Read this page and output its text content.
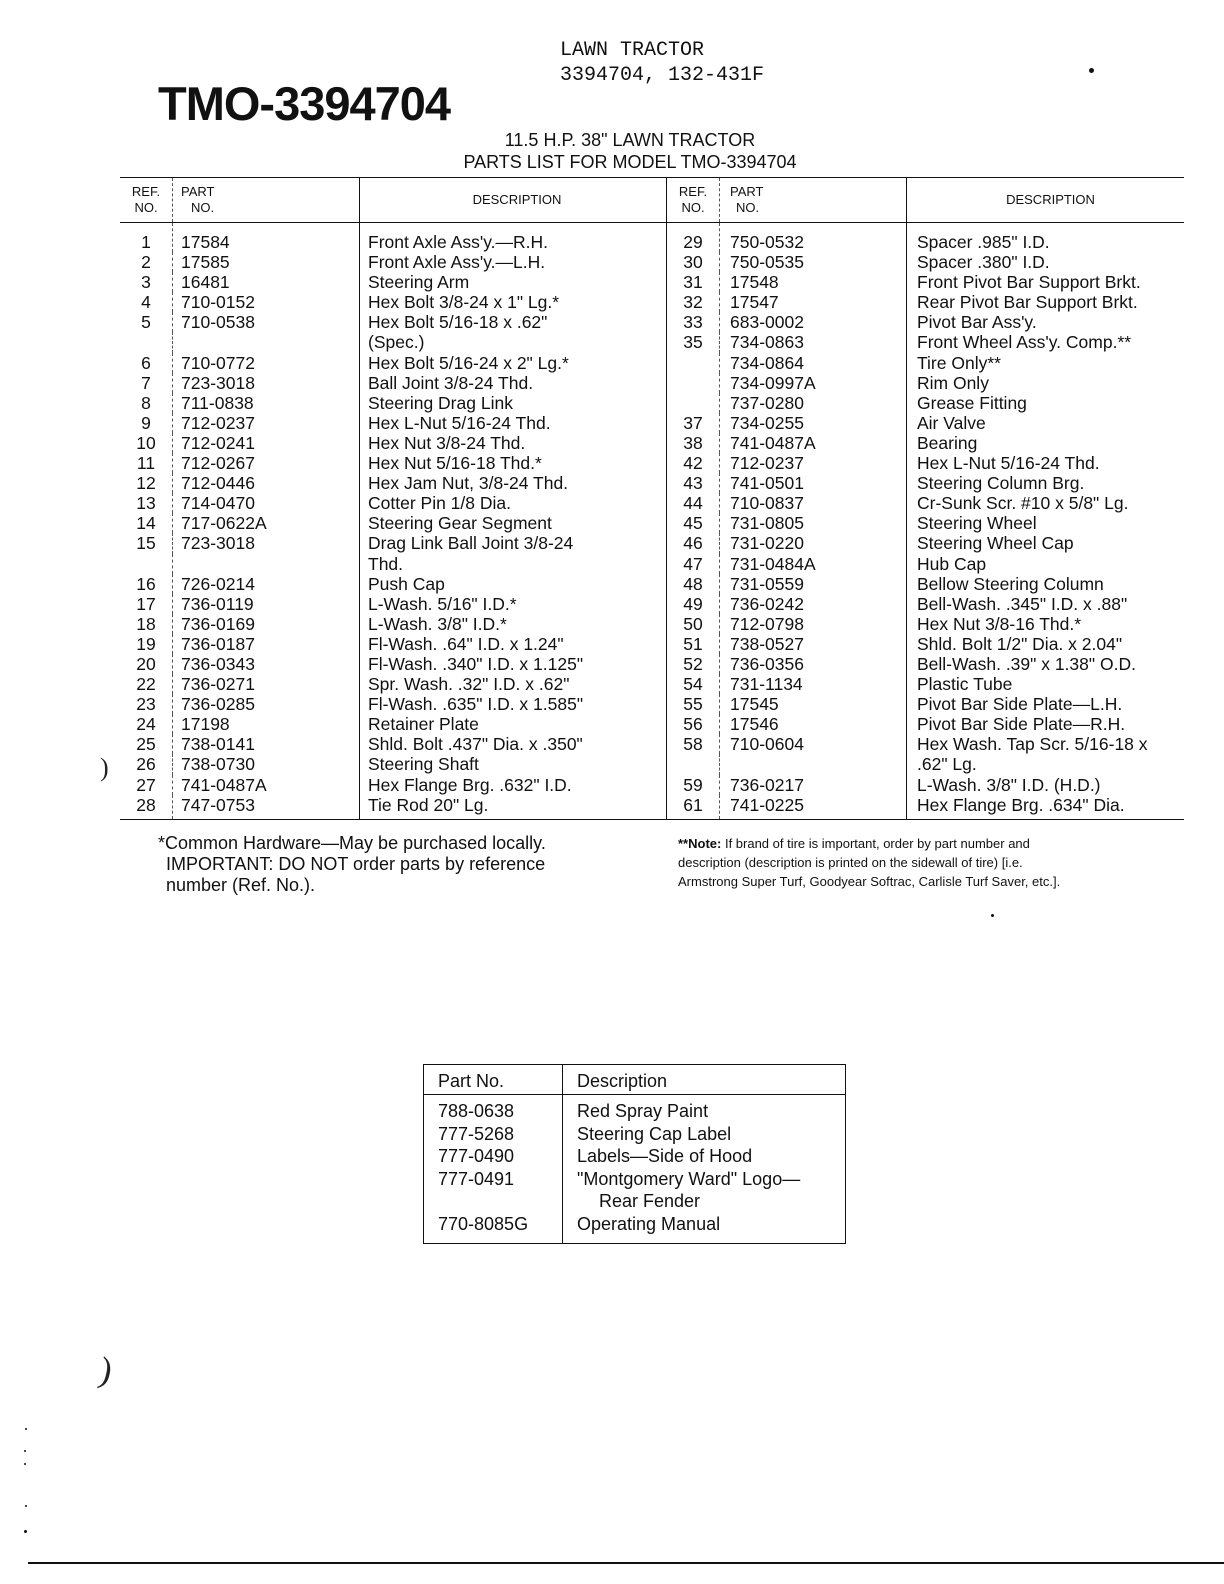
LAWN TRACTOR
3394704, 132-431F
TMO-3394704
11.5 H.P. 38" LAWN TRACTOR
PARTS LIST FOR MODEL TMO-3394704
REF.
NO.	PART
NO.	DESCRIPTION	REF.
NO.	PART
NO.	DESCRIPTION
1	17584	Front Axle Ass'y.—R.H.	29	750-0532	Spacer .985" I.D.
2	17585	Front Axle Ass'y.—L.H.	30	750-0535	Spacer .380" I.D.
3	16481	Steering Arm	31	17548	Front Pivot Bar Support Brkt.
4	710-0152	Hex Bolt 3/8-24 x 1" Lg.*	32	17547	Rear Pivot Bar Support Brkt.
5	710-0538	Hex Bolt 5/16-18 x .62"	33	683-0002	Pivot Bar Ass'y.
		(Spec.)	35	734-0863	Front Wheel Ass'y. Comp.**
6	710-0772	Hex Bolt 5/16-24 x 2" Lg.*		734-0864	Tire Only**
7	723-3018	Ball Joint 3/8-24 Thd.		734-0997A	Rim Only
8	711-0838	Steering Drag Link		737-0280	Grease Fitting
9	712-0237	Hex L-Nut 5/16-24 Thd.	37	734-0255	Air Valve
10	712-0241	Hex Nut 3/8-24 Thd.	38	741-0487A	Bearing
11	712-0267	Hex Nut 5/16-18 Thd.*	42	712-0237	Hex L-Nut 5/16-24 Thd.
12	712-0446	Hex Jam Nut, 3/8-24 Thd.	43	741-0501	Steering Column Brg.
13	714-0470	Cotter Pin 1/8 Dia.	44	710-0837	Cr-Sunk Scr. #10 x 5/8" Lg.
14	717-0622A	Steering Gear Segment	45	731-0805	Steering Wheel
15	723-3018	Drag Link Ball Joint 3/8-24	46	731-0220	Steering Wheel Cap
		Thd.	47	731-0484A	Hub Cap
16	726-0214	Push Cap	48	731-0559	Bellow Steering Column
17	736-0119	L-Wash. 5/16" I.D.*	49	736-0242	Bell-Wash. .345" I.D. x .88"
18	736-0169	L-Wash. 3/8" I.D.*	50	712-0798	Hex Nut 3/8-16 Thd.*
19	736-0187	Fl-Wash. .64" I.D. x 1.24"	51	738-0527	Shld. Bolt 1/2" Dia. x 2.04"
20	736-0343	Fl-Wash. .340" I.D. x 1.125"	52	736-0356	Bell-Wash. .39" x 1.38" O.D.
22	736-0271	Spr. Wash. .32" I.D. x .62"	54	731-1134	Plastic Tube
23	736-0285	Fl-Wash. .635" I.D. x 1.585"	55	17545	Pivot Bar Side Plate—L.H.
24	17198	Retainer Plate	56	17546	Pivot Bar Side Plate—R.H.
25	738-0141	Shld. Bolt .437" Dia. x .350"	58	710-0604	Hex Wash. Tap Scr. 5/16-18 x
26	738-0730	Steering Shaft			.62" Lg.
27	741-0487A	Hex Flange Brg. .632" I.D.	59	736-0217	L-Wash. 3/8" I.D. (H.D.)
28	747-0753	Tie Rod 20" Lg.	61	741-0225	Hex Flange Brg. .634" Dia.
*Common Hardware—May be purchased locally.
IMPORTANT: DO NOT order parts by reference
number (Ref. No.).
**Note: If brand of tire is important, order by part number and
description (description is printed on the sidewall of tire) [i.e.
Armstrong Super Turf, Goodyear Softrac, Carlisle Turf Saver, etc.].
Part No.	Description
788-0638	Red Spray Paint

777-5268	Steering Cap Label

777-0490	Labels—Side of Hood

777-0491	"Montgomery Ward" Logo—
Rear Fender

770-8085G	Operating Manual
)
)
